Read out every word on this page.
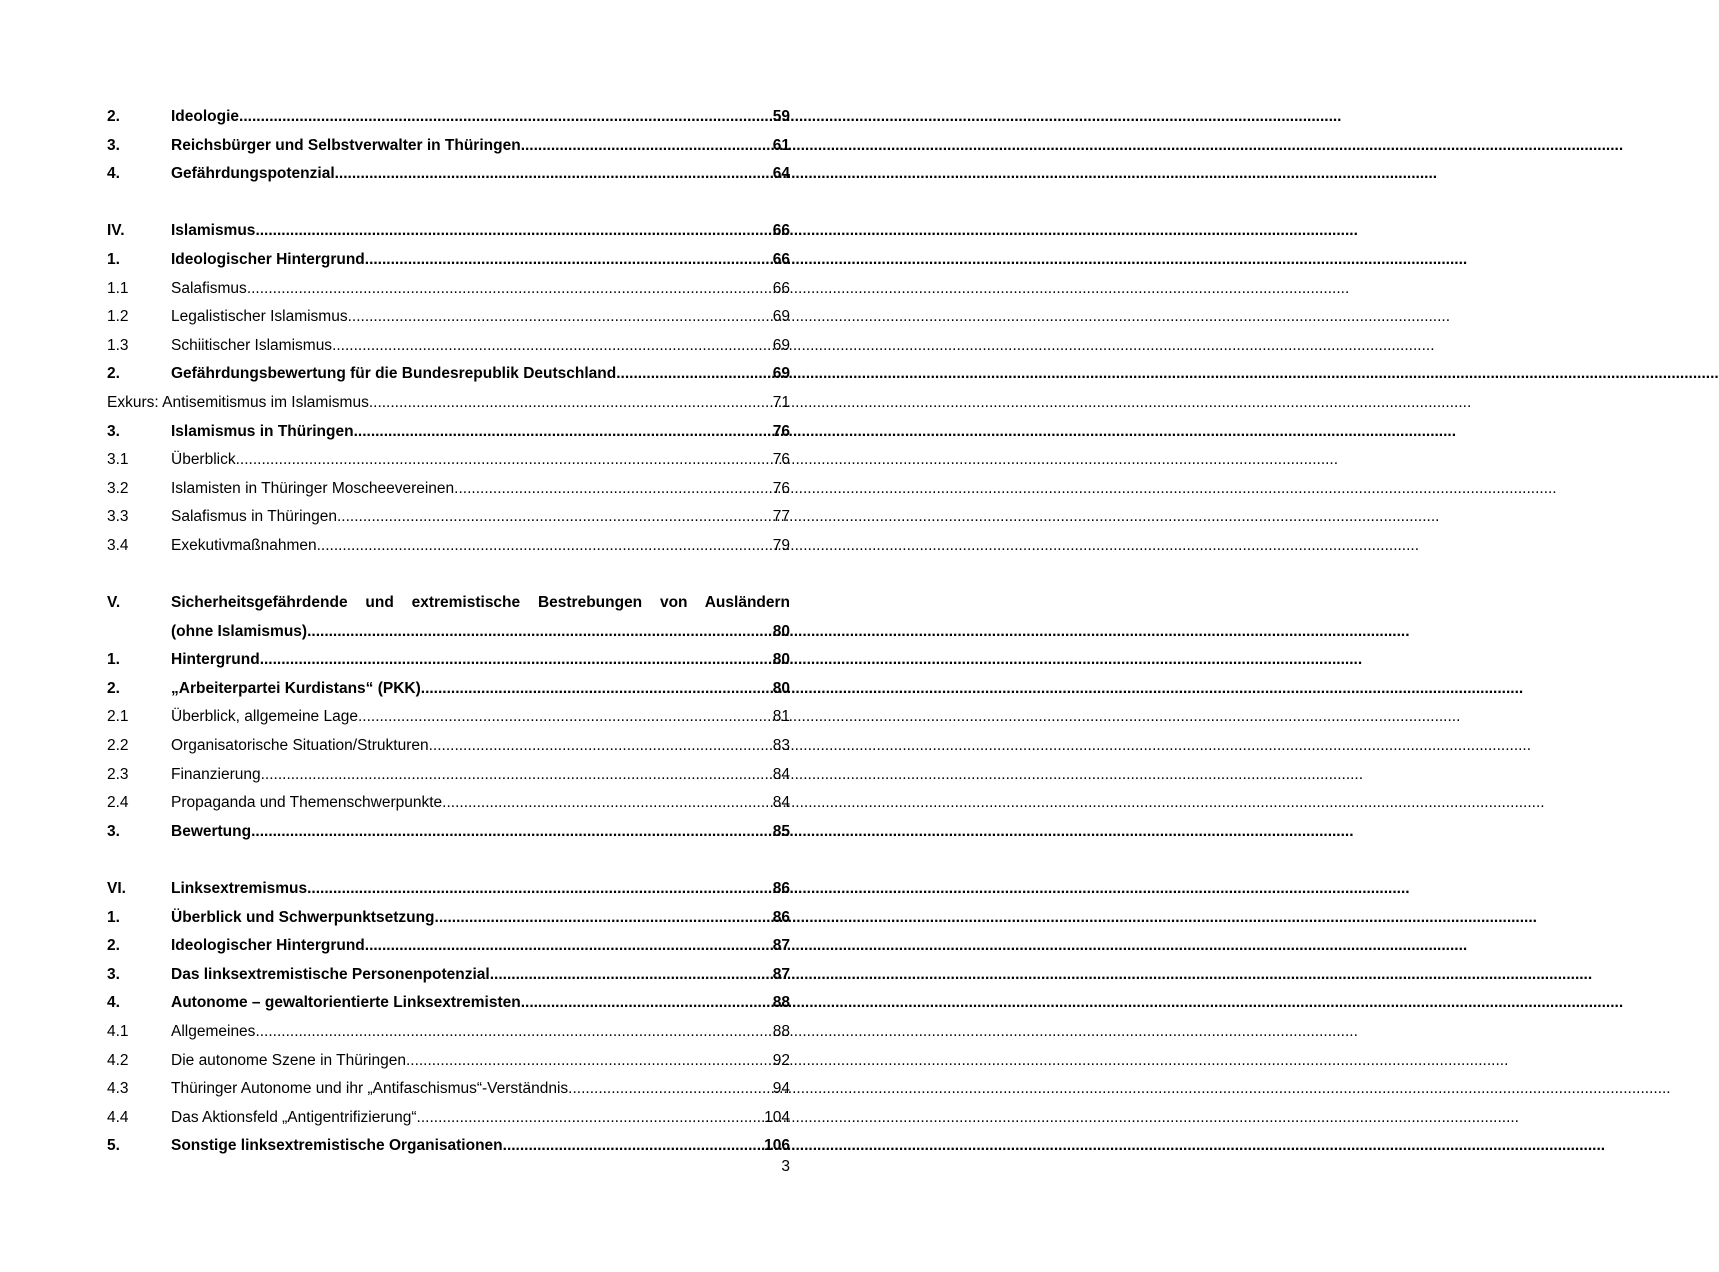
2.	Ideologie .....	59
3.	Reichsbürger und Selbstverwalter in Thüringen .....	61
4.	Gefährdungspotenzial .....	64
IV.	Islamismus .....	66
1.	Ideologischer Hintergrund .....	66
1.1	Salafismus .....	66
1.2	Legalistischer Islamismus .....	69
1.3	Schiitischer Islamismus .....	69
2.	Gefährdungsbewertung für die Bundesrepublik Deutschland .....	69
Exkurs: Antisemitismus im Islamismus .....	71
3.	Islamismus in Thüringen .....	76
3.1	Überblick .....	76
3.2	Islamisten in Thüringer Moscheevereinen .....	76
3.3	Salafismus in Thüringen .....	77
3.4	Exekutivmaßnahmen .....	79
V.	Sicherheitsgefährdende und extremistische Bestrebungen von Ausländern
(ohne Islamismus) .....	80
1.	Hintergrund .....	80
2.	„Arbeiterpartei Kurdistans“ (PKK) .....	80
2.1	Überblick, allgemeine Lage .....	81
2.2	Organisatorische Situation/Strukturen .....	83
2.3	Finanzierung .....	84
2.4	Propaganda und Themenschwerpunkte .....	84
3.	Bewertung .....	85
VI.	Linksextremismus .....	86
1.	Überblick und Schwerpunktsetzung .....	86
2.	Ideologischer Hintergrund .....	87
3.	Das linksextremistische Personenpotenzial .....	87
4.	Autonome – gewaltorientierte Linksextremisten .....	88
4.1	Allgemeines .....	88
4.2	Die autonome Szene in Thüringen .....	92
4.3	Thüringer Autonome und ihr „Antifaschismus“-Verständnis .....	94
4.4	Das Aktionsfeld „Antigentrifizierung“ .....	104
5.	Sonstige linksextremistische Organisationen .....	106
3
